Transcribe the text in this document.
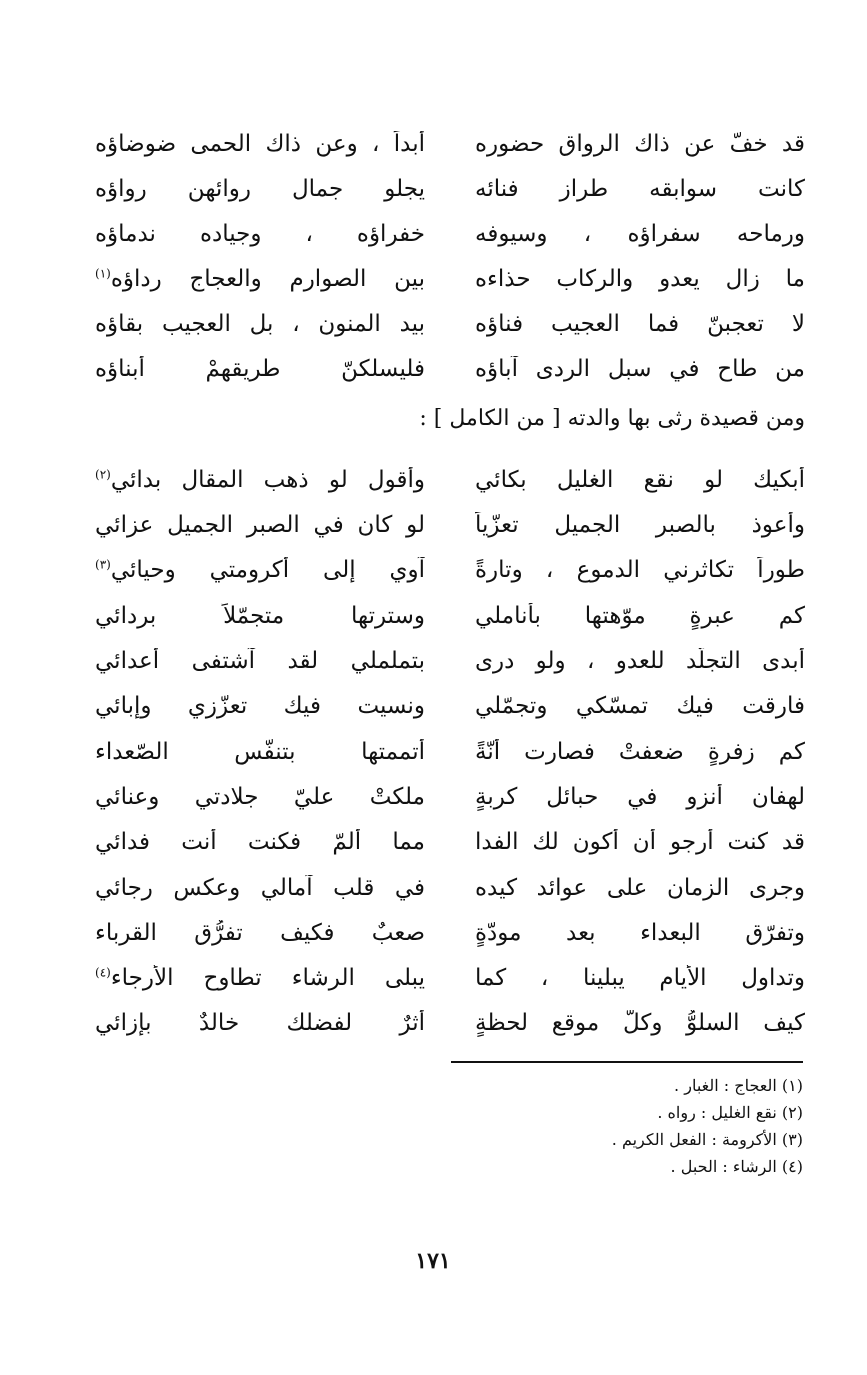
قد خفّ عن ذاك الرواق حضوره
أبداً ، وعن ذاك الحمى ضوضاؤه
كانت سوابقه طراز فنائه
يجلو جمال روائهن رواؤه
ورماحه سفراؤه ، وسيوفه
خفراؤه ، وجياده ندماؤه
ما زال يعدو والركاب حذاءه
بين الصوارم والعجاج رداؤه$^{(١)}$
لا تعجبنّ فما العجيب فناؤه
بيد المنون ، بل العجيب بقاؤه
من طاح في سبل الردى آباؤه
فليسلكنّ طريقهمْ أبناؤه
ومن قصيدة رثى بها والدته [ من الكامل ] :
أبكيك لو نقع الغليل بكائي
وأقول لو ذهب المقال بدائي$^{(٢)}$
وأعوذ بالصبر الجميل تعزّياً
لو كان في الصبر الجميل عزائي
طوراً تكاثرني الدموع ، وتارةً
آوي إلى أكرومتي وحيائي$^{(٣)}$
كم عبرةٍ موّهتها بأناملي
وسترتها متجمّلاً بردائي
أبدى التجلّد للعدو ، ولو درى
بتململي لقد آشتفى أعدائي
فارقت فيك تمسّكي وتجمّلي
ونسيت فيك تعزّزي وإبائي
كم زفرةٍ ضعفتْ فصارت أنّةً
أتممتها بتنفّس الصّعداء
لهفان أنزو في حبائل كربةٍ
ملكتْ عليّ جلادتي وعنائي
قد كنت أرجو أن أكون لك الفدا
مما ألمّ فكنت أنت فدائي
وجرى الزمان على عوائد كيده
في قلب آمالي وعكس رجائي
وتفرّق البعداء بعد مودّةٍ
صعبٌ فكيف تفرُّق القرباء
وتداول الأيام يبلينا ، كما
يبلى الرشاء تطاوح الأرجاء$^{(٤)}$
كيف السلوُّ وكلّ موقع لحظةٍ
أثرٌ لفضلك خالدٌ بإزائي
(١) العجاج : الغبار .
(٢) نقع الغليل : رواه .
(٣) الأكرومة : الفعل الكريم .
(٤) الرشاء : الحبل .
١٧١
